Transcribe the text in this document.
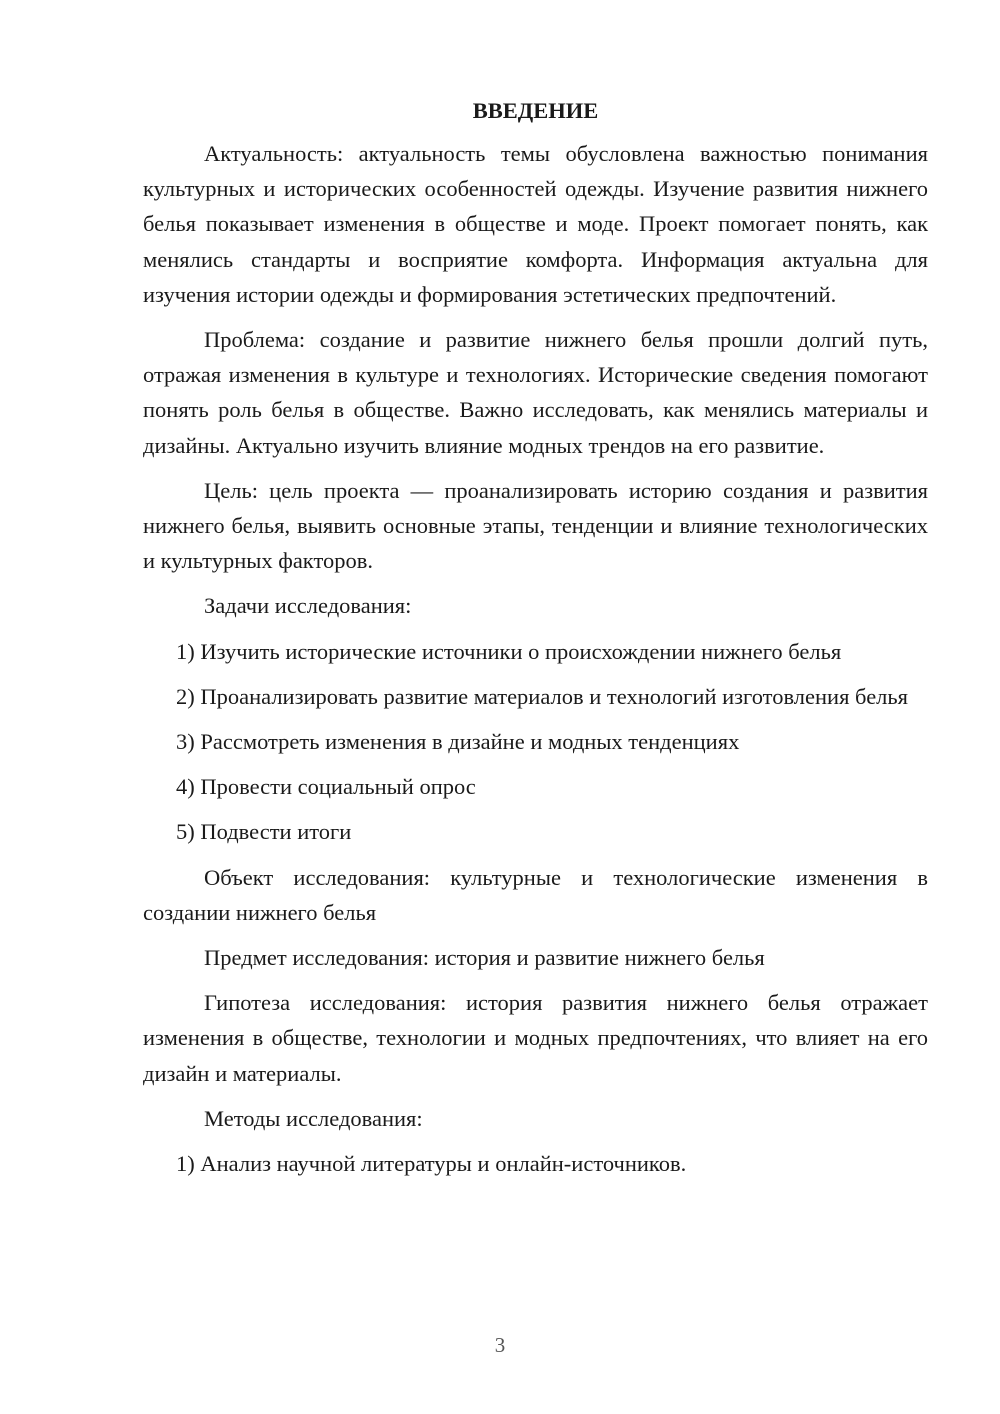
ВВЕДЕНИЕ

Актуальность: актуальность темы обусловлена важностью понимания культурных и исторических особенностей одежды. Изучение развития нижнего белья показывает изменения в обществе и моде. Проект помогает понять, как менялись стандарты и восприятие комфорта. Информация актуальна для изучения истории одежды и формирования эстетических предпочтений.

Проблема: создание и развитие нижнего белья прошли долгий путь, отражая изменения в культуре и технологиях. Исторические сведения помогают понять роль белья в обществе. Важно исследовать, как менялись материалы и дизайны. Актуально изучить влияние модных трендов на его развитие.

Цель: цель проекта — проанализировать историю создания и развития нижнего белья, выявить основные этапы, тенденции и влияние технологических и культурных факторов.

Задачи исследования:

1) Изучить исторические источники о происхождении нижнего белья

2) Проанализировать развитие материалов и технологий изготовления белья

3) Рассмотреть изменения в дизайне и модных тенденциях

4) Провести социальный опрос

5) Подвести итоги

Объект исследования: культурные и технологические изменения в создании нижнего белья

Предмет исследования: история и развитие нижнего белья

Гипотеза исследования: история развития нижнего белья отражает изменения в обществе, технологии и модных предпочтениях, что влияет на его дизайн и материалы.

Методы исследования:

1) Анализ научной литературы и онлайн-источников.

3
